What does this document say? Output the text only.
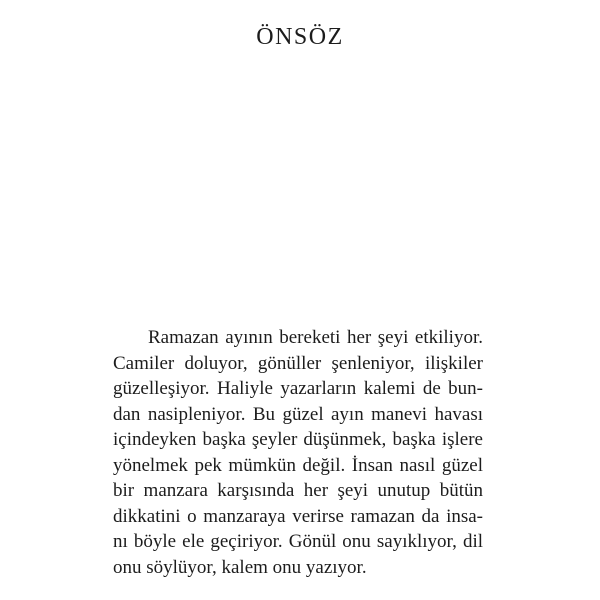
ÖNSÖZ
Ramazan ayının bereketi her şeyi etkiliyor.
Camiler doluyor, gönüller şenleniyor, ilişkiler
güzelleşiyor. Haliyle yazarların kalemi de bun-
dan nasipleniyor. Bu güzel ayın manevi havası
içindeyken başka şeyler düşünmek, başka işlere
yönelmek pek mümkün değil. İnsan nasıl güzel
bir manzara karşısında her şeyi unutup bütün
dikkatini o manzaraya verirse ramazan da insa-
nı böyle ele geçiriyor. Gönül onu sayıklıyor, dil
onu söylüyor, kalem onu yazıyor.
